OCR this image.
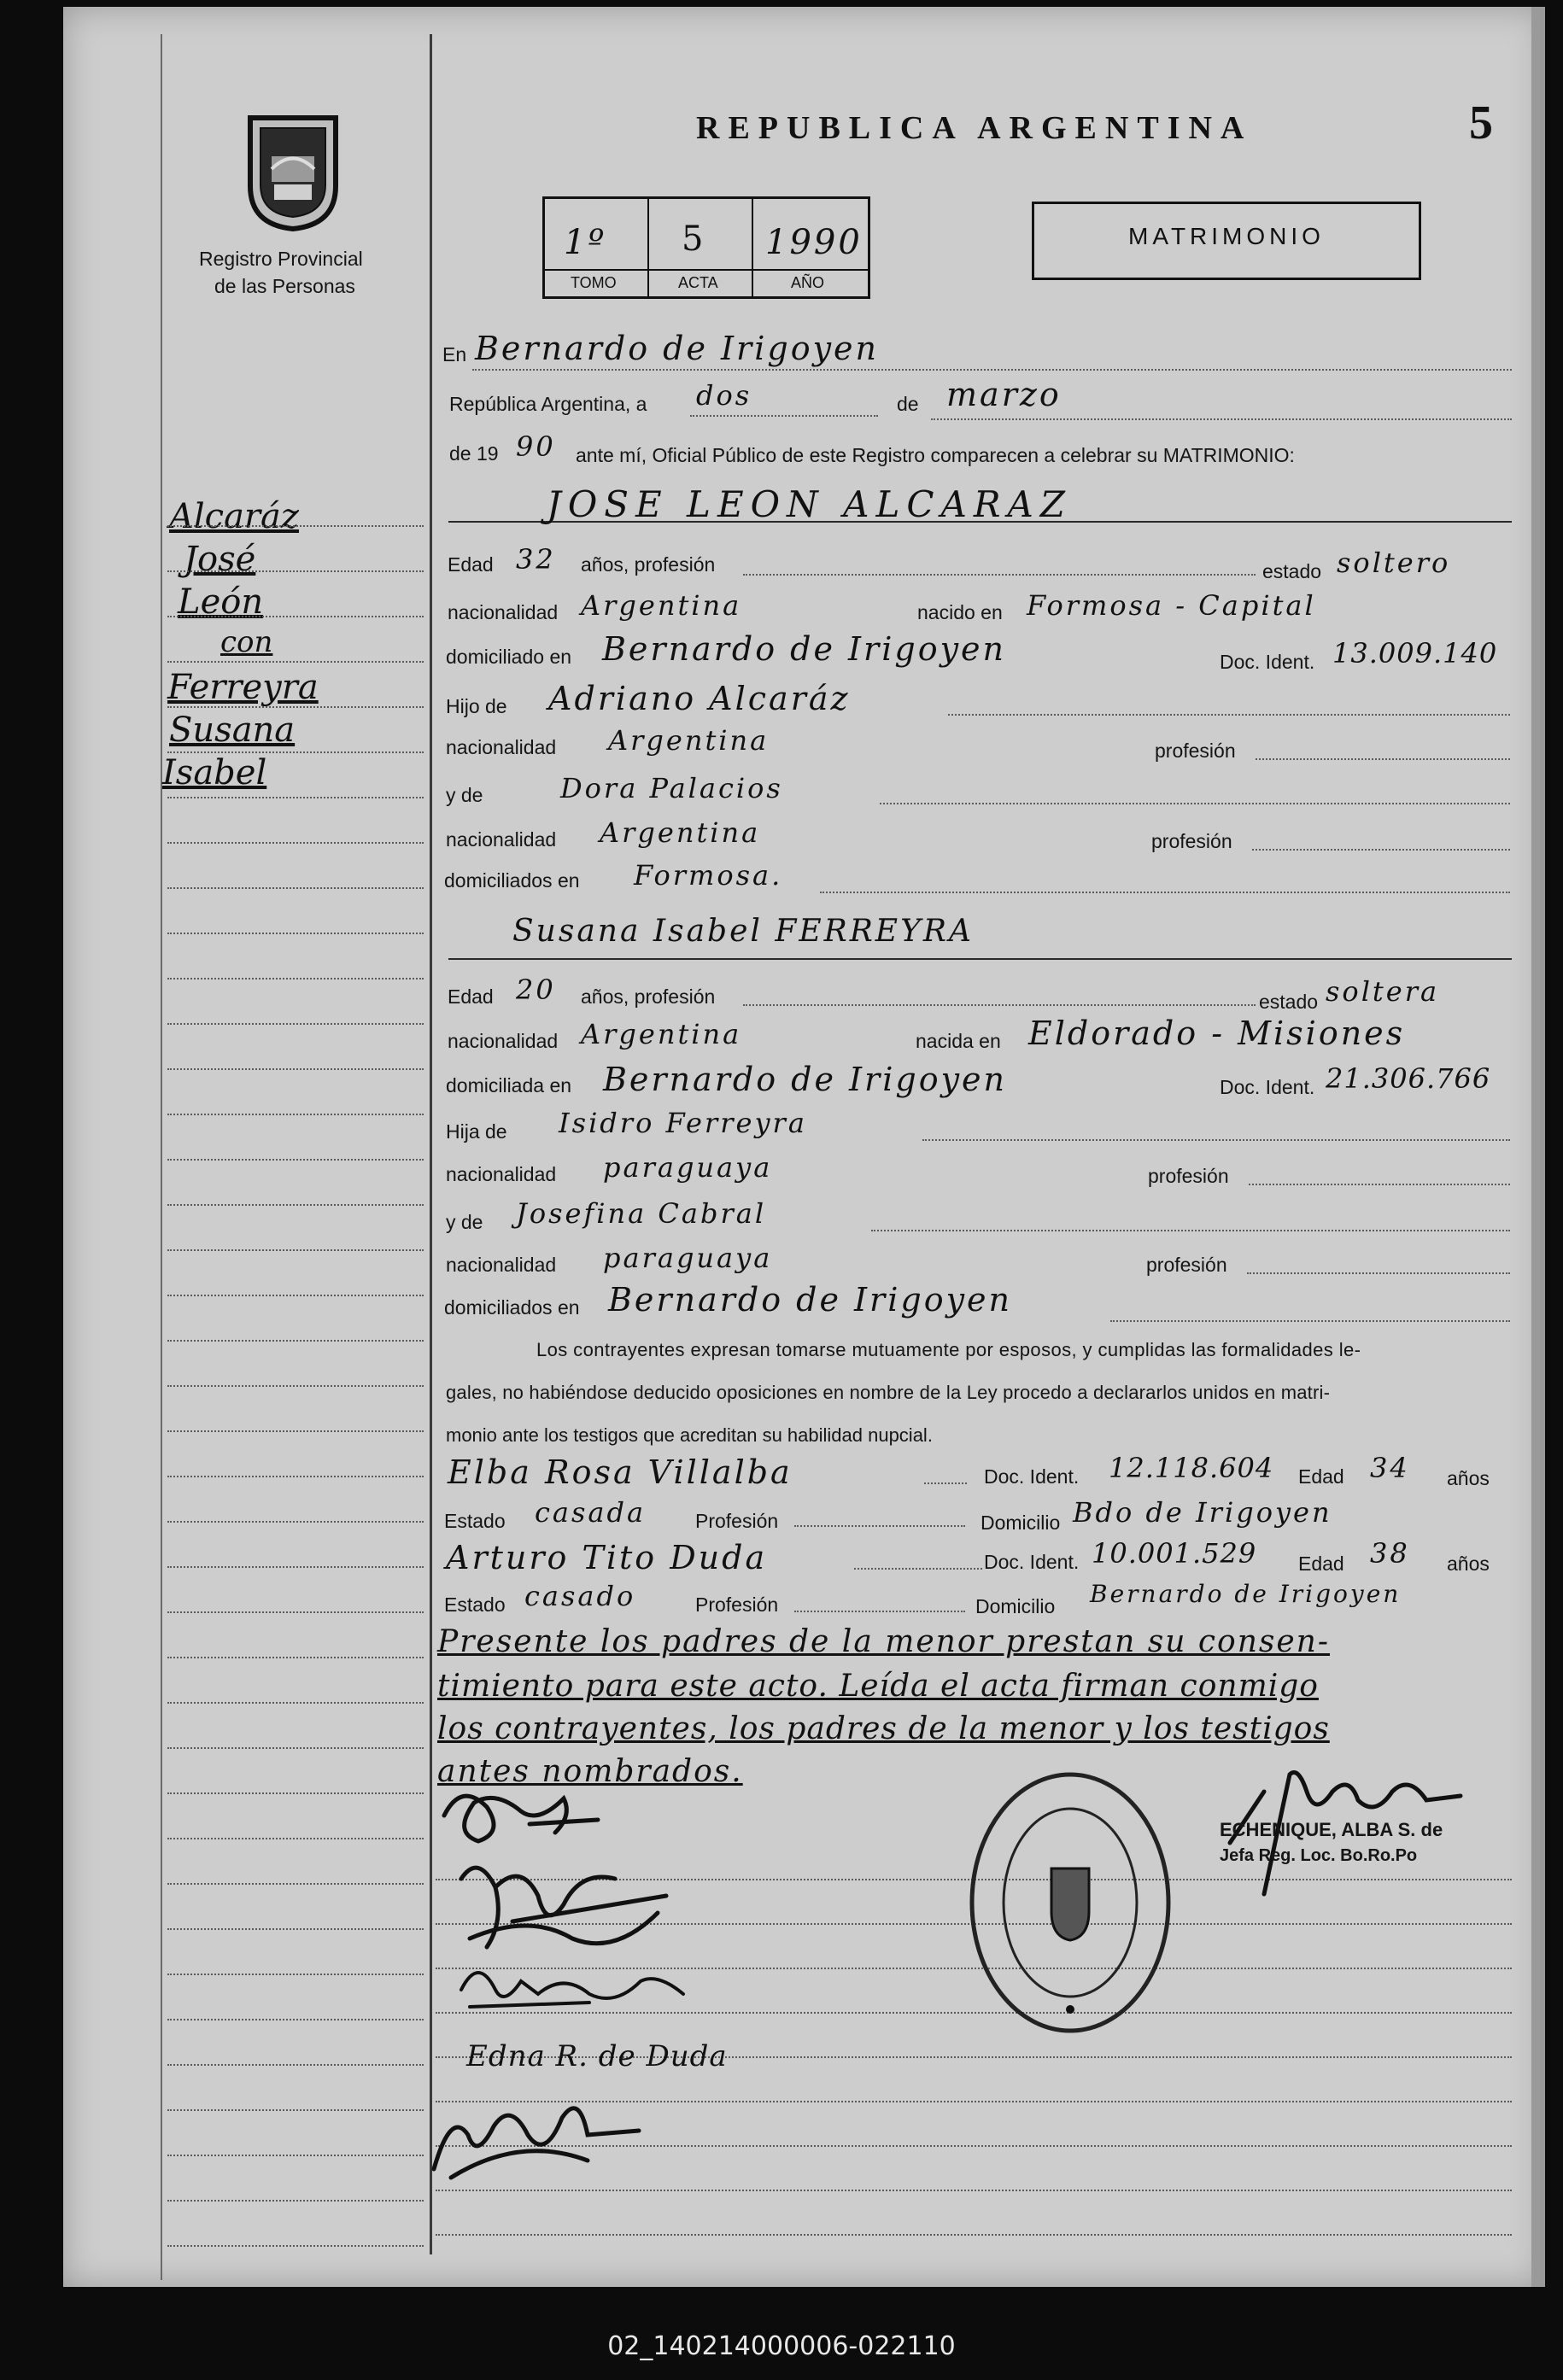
Registro Provincial
de las Personas
REPUBLICA ARGENTINA	5
1º 5 1990
TOMO	ACTA	AÑO
MATRIMONIO
Alcaráz
José
León
con
Ferreyra
Susana
Isabel
En Bernardo de Irigoyen
República Argentina, a dos	de marzo
de 19 90 ante mí, Oficial Público de este Registro comparecen a celebrar su MATRIMONIO:
JOSE LEON ALCARAZ
Edad 32 años, profesión	estado soltero
nacionalidad Argentina	nacido en Formosa - Capital
domiciliado en Bernardo de Irigoyen	Doc. Ident. 13.009.140
Hijo de Adriano Alcaráz
nacionalidad Argentina	profesión
y de	Dora Palacios
nacionalidad Argentina	profesión
domiciliados en Formosa.
Susana Isabel FERREYRA
Edad 20 años, profesión	estado soltera
nacionalidad Argentina	nacida en Eldorado - Misiones
domiciliada en Bernardo de Irigoyen	Doc. Ident. 21.306.766
Hija de Isidro Ferreyra
nacionalidad paraguaya	profesión
y de Josefina Cabral
nacionalidad paraguaya	profesión
domiciliados en Bernardo de Irigoyen
Los contrayentes expresan tomarse mutuamente por esposos, y cumplidas las formalidades le-
gales, no habiéndose deducido oposiciones en nombre de la Ley procedo a declararlos unidos en matri-
monio ante los testigos que acreditan su habilidad nupcial.
Elba Rosa Villalba	Doc. Ident. 12.118.604 Edad 34 años
Estado casada	Profesión	Domicilio Bdo de Irigoyen
Arturo Tito Duda	Doc. Ident. 10.001.529 Edad 38 años
Estado casado	Profesión	Domicilio Bernardo de Irigoyen
Presente los padres de la menor prestan su consen-
timiento para este acto. Leída el acta firman conmigo
los contrayentes, los padres de la menor y los testigos
antes nombrados.
Edna R. de Duda
ECHENIQUE, ALBA S. de
Jefa Reg. Loc. Bo.Ro.Po
02_140214000006-022110
